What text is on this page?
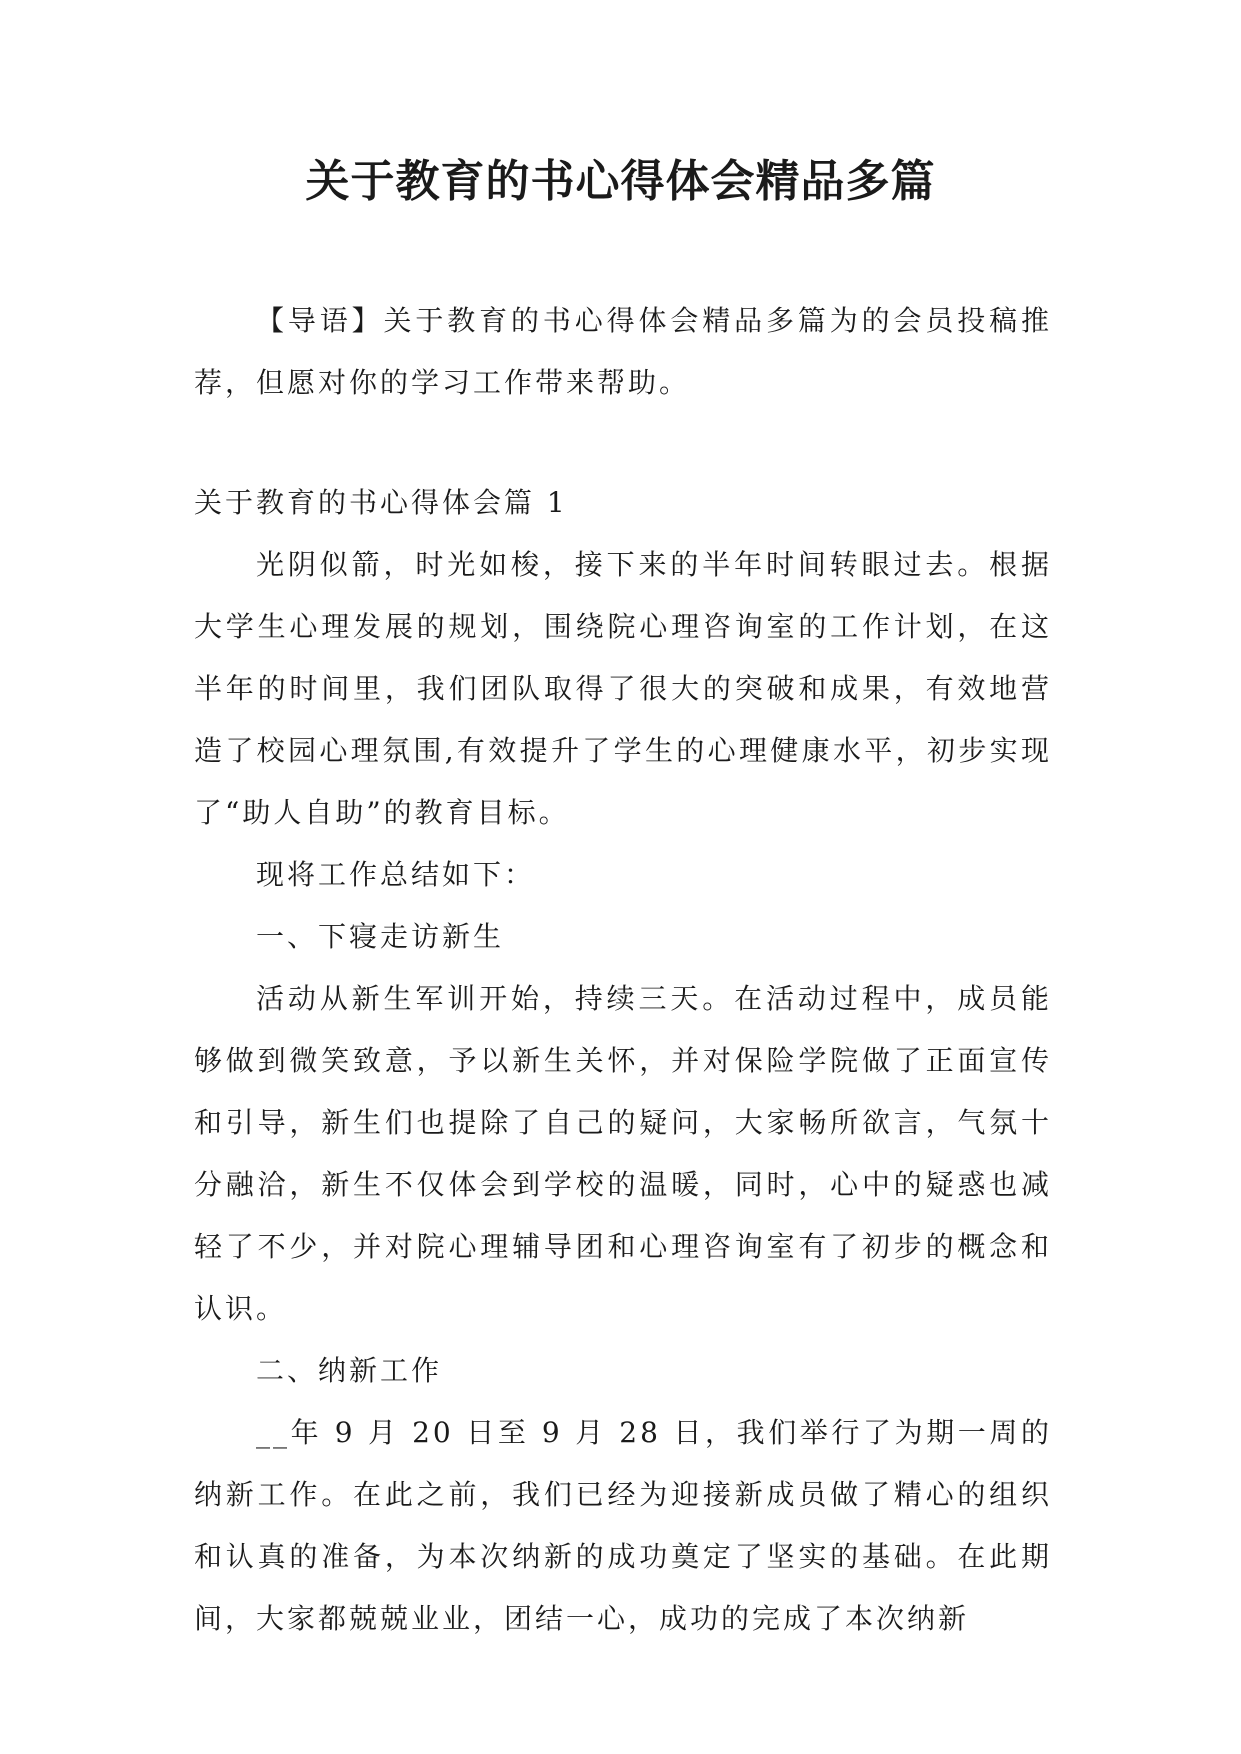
关于教育的书心得体会精品多篇

【导语】关于教育的书心得体会精品多篇为的会员投稿推荐，但愿对你的学习工作带来帮助。

关于教育的书心得体会篇 1

光阴似箭，时光如梭，接下来的半年时间转眼过去。根据大学生心理发展的规划，围绕院心理咨询室的工作计划，在这半年的时间里，我们团队取得了很大的突破和成果，有效地营造了校园心理氛围,有效提升了学生的心理健康水平，初步实现了“助人自助”的教育目标。

现将工作总结如下：

一、下寝走访新生

活动从新生军训开始，持续三天。在活动过程中，成员能够做到微笑致意，予以新生关怀，并对保险学院做了正面宣传和引导，新生们也提除了自己的疑问，大家畅所欲言，气氛十分融洽，新生不仅体会到学校的温暖，同时，心中的疑惑也减轻了不少，并对院心理辅导团和心理咨询室有了初步的概念和认识。

二、纳新工作

__年 9 月 20 日至 9 月 28 日，我们举行了为期一周的纳新工作。在此之前，我们已经为迎接新成员做了精心的组织和认真的准备，为本次纳新的成功奠定了坚实的基础。在此期间，大家都兢兢业业，团结一心，成功的完成了本次纳新
